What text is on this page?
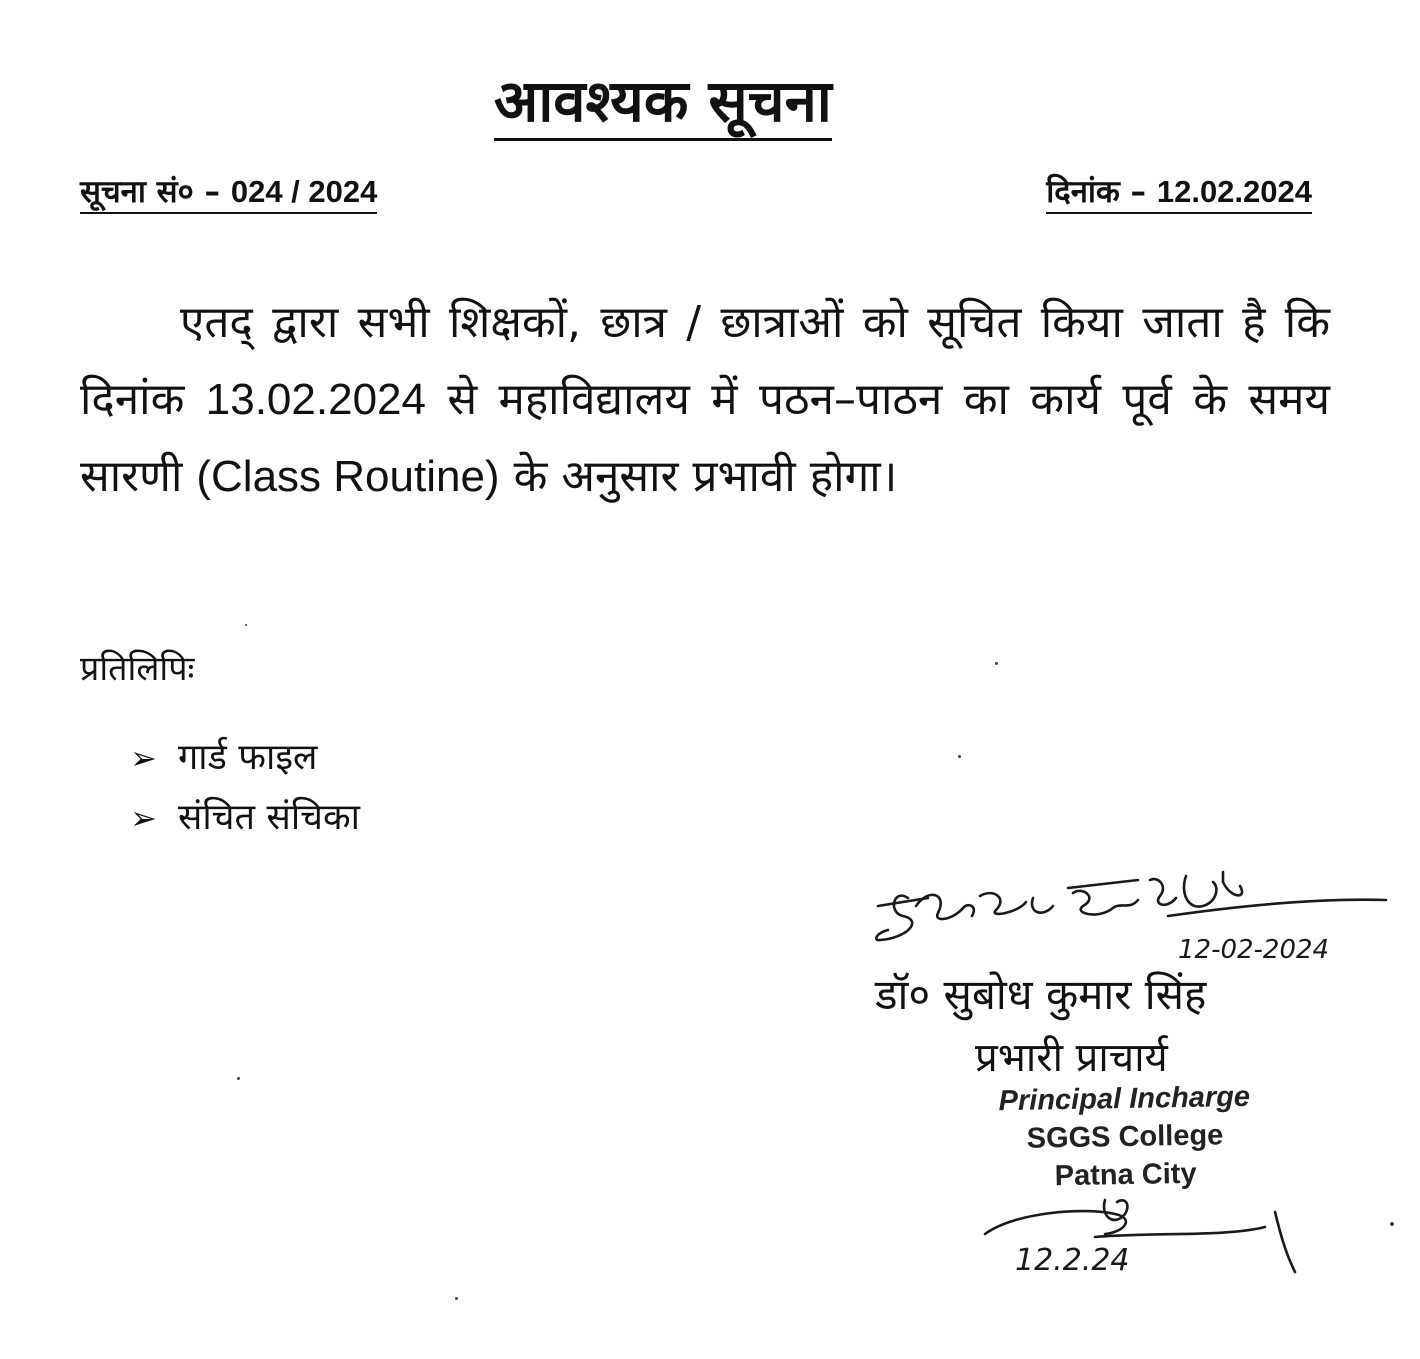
आवश्यक सूचना
सूचना सं० – 024 / 2024	दिनांक – 12.02.2024

एतद् द्वारा सभी शिक्षकों, छात्र / छात्राओं को सूचित किया जाता है कि दिनांक 13.02.2024 से महाविद्यालय में पठन–पाठन का कार्य पूर्व के समय सारणी (Class Routine) के अनुसार प्रभावी होगा।

प्रतिलिपिः
➢ गार्ड फाइल
➢ संचित संचिका
12-02-2024
डॉ० सुबोध कुमार सिंह
प्रभारी प्राचार्य
Principal Incharge
SGGS College
Patna City
12.2.24
